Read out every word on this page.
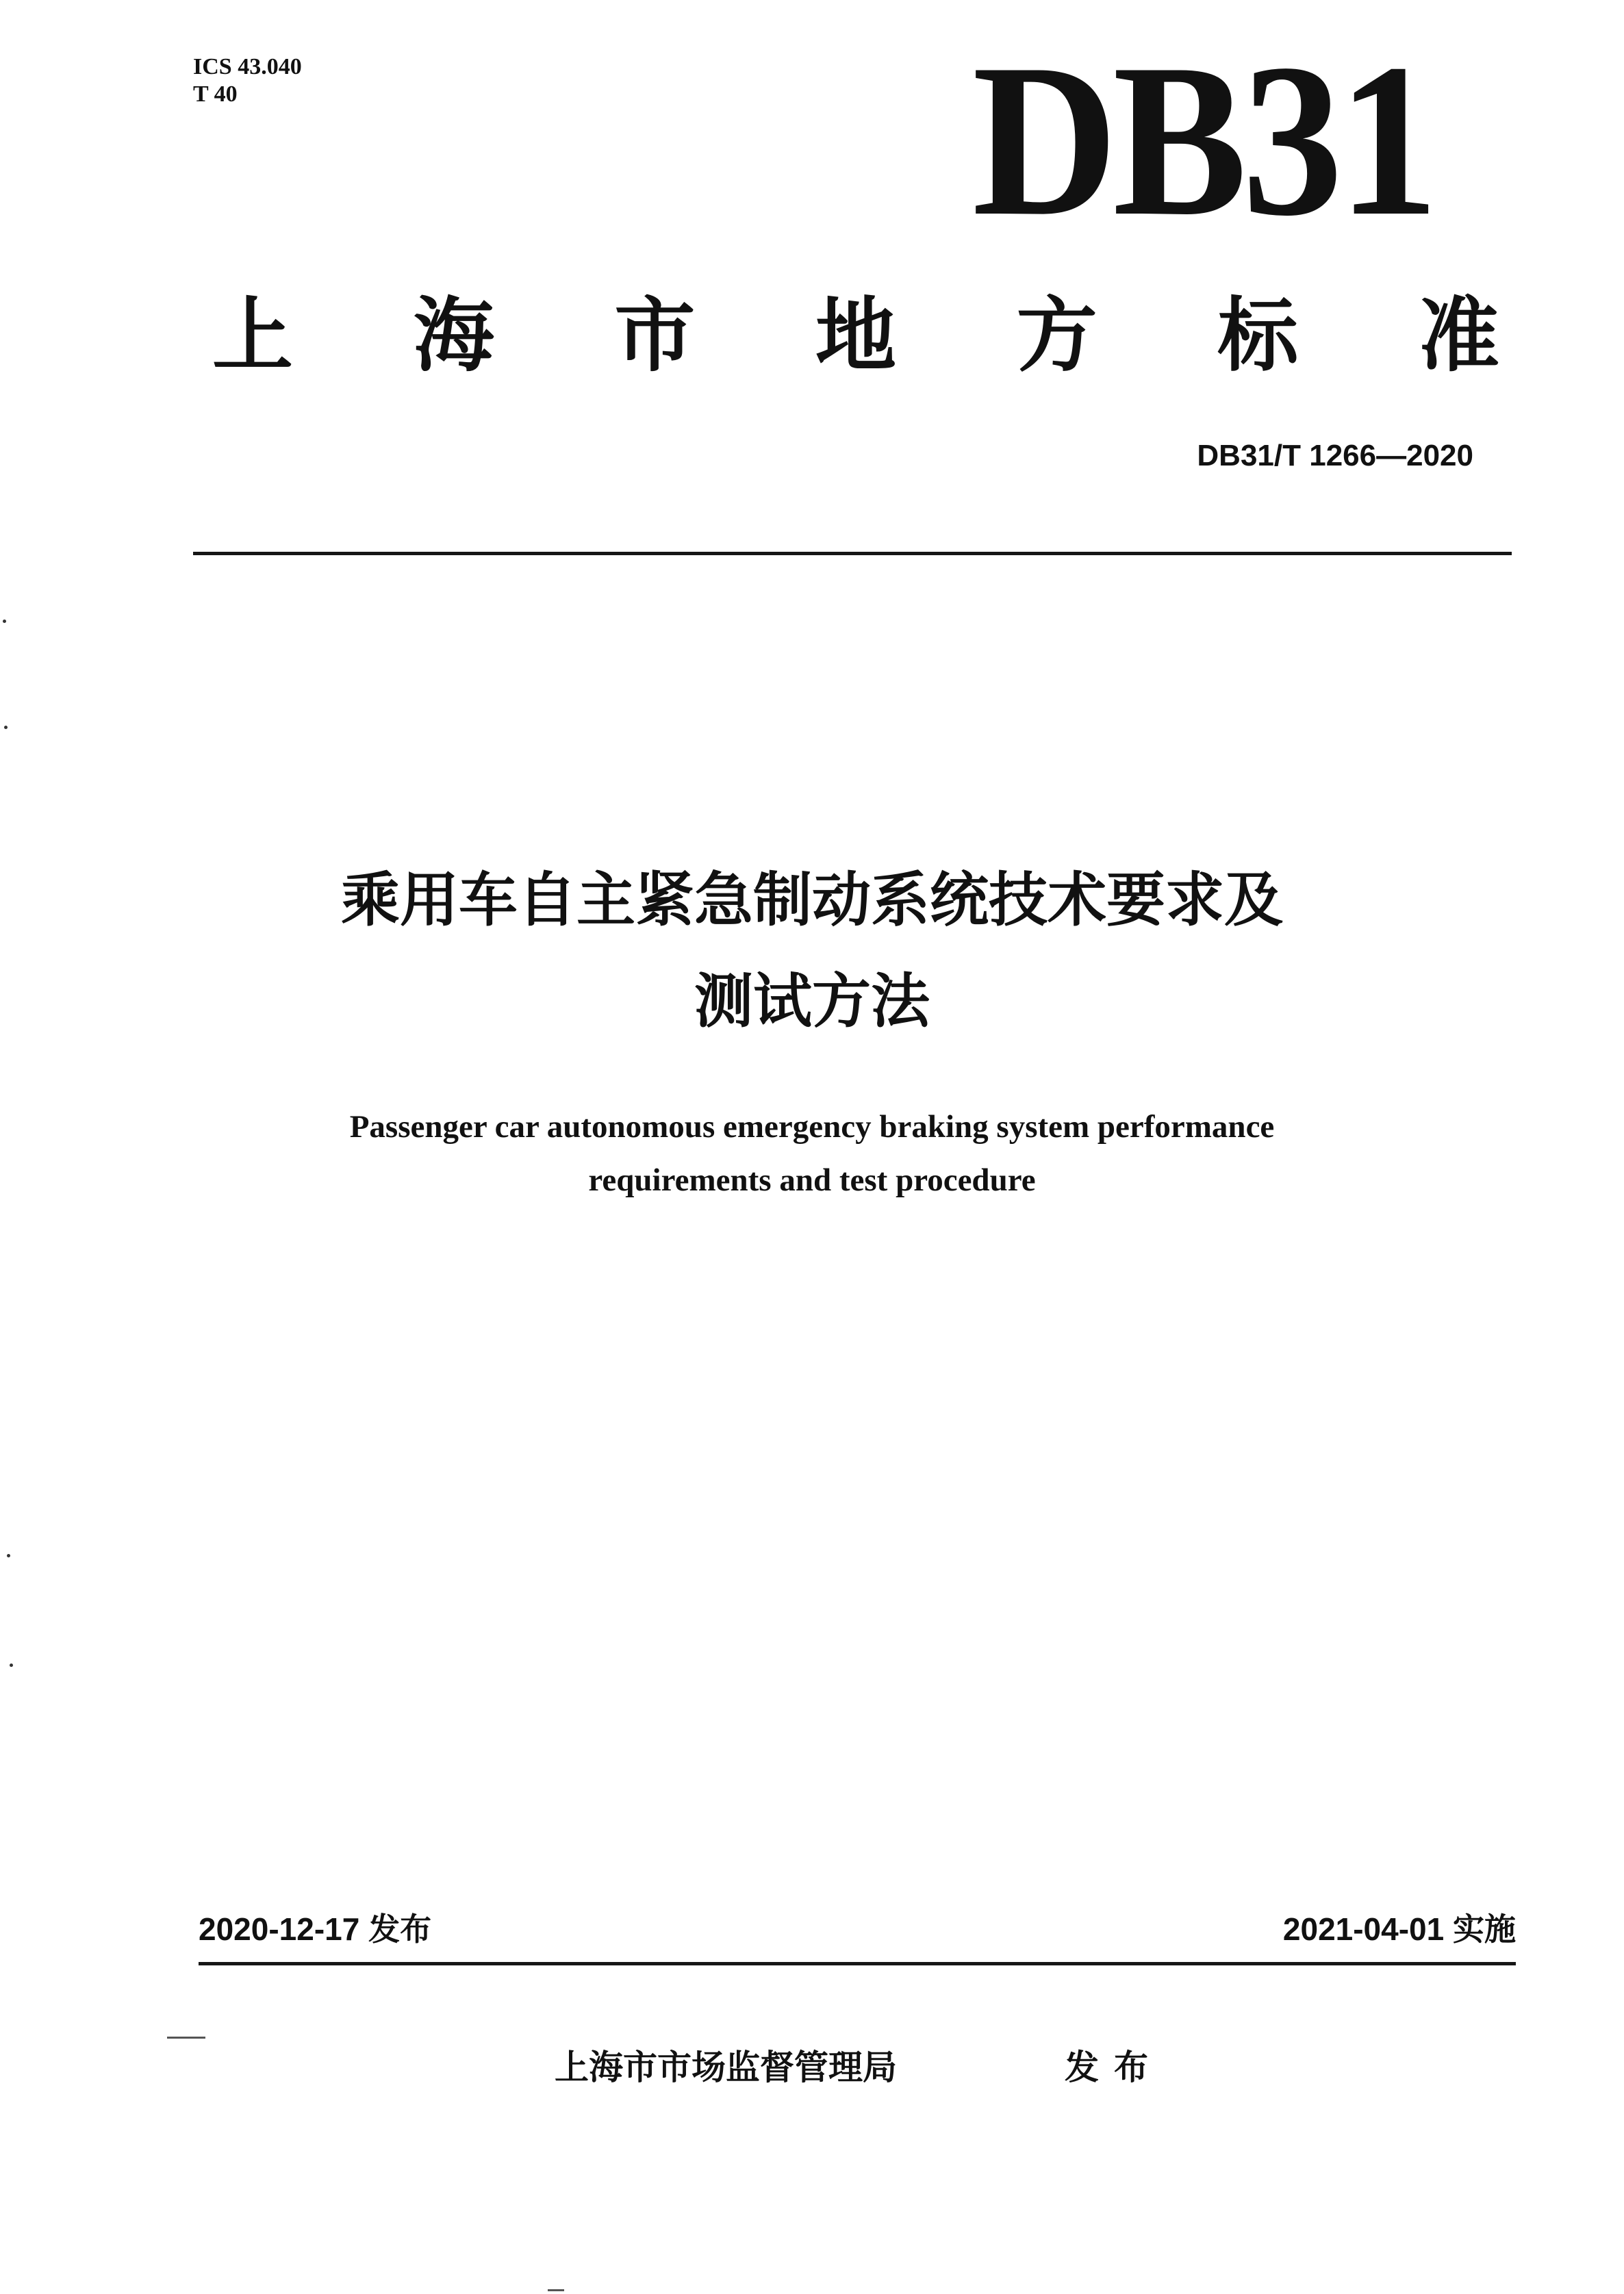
ICS 43.040
T 40	DB31
上 海 市 地 方 标 准
DB31/T 1266—2020
乘用车自主紧急制动系统技术要求及
测试方法
Passenger car autonomous emergency braking system performance
requirements and test procedure
2020-12-17 发布	2021-04-01 实施
上海市市场监督管理局	发布
